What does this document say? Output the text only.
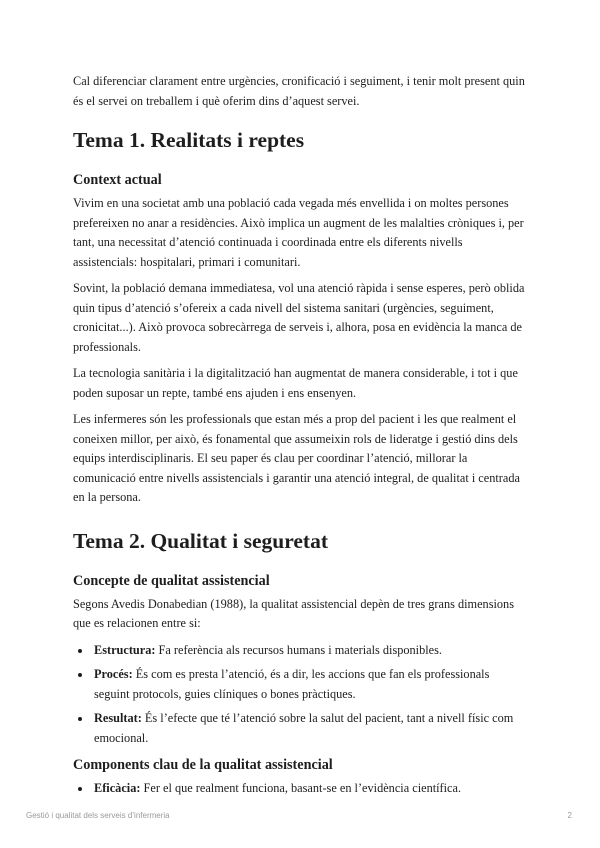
Cal diferenciar clarament entre urgències, cronificació i seguiment, i tenir molt present quin és el servei on treballem i què oferim dins d’aquest servei.

Tema 1. Realitats i reptes
Context actual

Vivim en una societat amb una població cada vegada més envellida i on moltes persones prefereixen no anar a residències. Això implica un augment de les malalties cròniques i, per tant, una necessitat d’atenció continuada i coordinada entre els diferents nivells assistencials: hospitalari, primari i comunitari.

Sovint, la població demana immediatesa, vol una atenció ràpida i sense esperes, però oblida quin tipus d’atenció s’ofereix a cada nivell del sistema sanitari (urgències, seguiment, cronicitat...). Això provoca sobrecàrrega de serveis i, alhora, posa en evidència la manca de professionals.

La tecnologia sanitària i la digitalització han augmentat de manera considerable, i tot i que poden suposar un repte, també ens ajuden i ens ensenyen.

Les infermeres són les professionals que estan més a prop del pacient i les que realment el coneixen millor, per això, és fonamental que assumeixin rols de lideratge i gestió dins dels equips interdisciplinaris. El seu paper és clau per coordinar l’atenció, millorar la comunicació entre nivells assistencials i garantir una atenció integral, de qualitat i centrada en la persona.

Tema 2. Qualitat i seguretat
Concepte de qualitat assistencial

Segons Avedis Donabedian (1988), la qualitat assistencial depèn de tres grans dimensions que es relacionen entre si:

Estructura: Fa referència als recursos humans i materials disponibles.
Procés: És com es presta l’atenció, és a dir, les accions que fan els professionals seguint protocols, guies clíniques o bones pràctiques.
Resultat: És l’efecte que té l’atenció sobre la salut del pacient, tant a nivell físic com emocional.
Components clau de la qualitat assistencial
Eficàcia: Fer el que realment funciona, basant-se en l’evidència científica.
Gestió i qualitat dels serveis d’infermeria	2
